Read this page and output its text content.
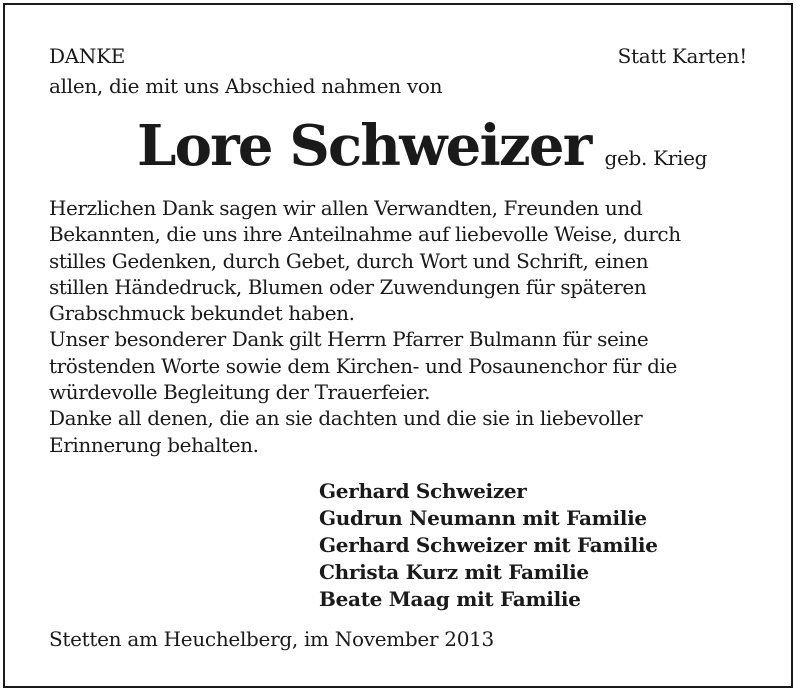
DANKE
allen, die mit uns Abschied nahmen von
Statt Karten!
Lore Schweizer geb. Krieg
Herzlichen Dank sagen wir allen Verwandten, Freunden und
Bekannten, die uns ihre Anteilnahme auf liebevolle Weise, durch
stilles Gedenken, durch Gebet, durch Wort und Schrift, einen
stillen Händedruck, Blumen oder Zuwendungen für späteren
Grabschmuck bekundet haben.
Unser besonderer Dank gilt Herrn Pfarrer Bulmann für seine
tröstenden Worte sowie dem Kirchen- und Posaunenchor für die
würdevolle Begleitung der Trauerfeier.
Danke all denen, die an sie dachten und die sie in liebevoller
Erinnerung behalten.
Gerhard Schweizer
Gudrun Neumann mit Familie
Gerhard Schweizer mit Familie
Christa Kurz mit Familie
Beate Maag mit Familie
Stetten am Heuchelberg, im November 2013
